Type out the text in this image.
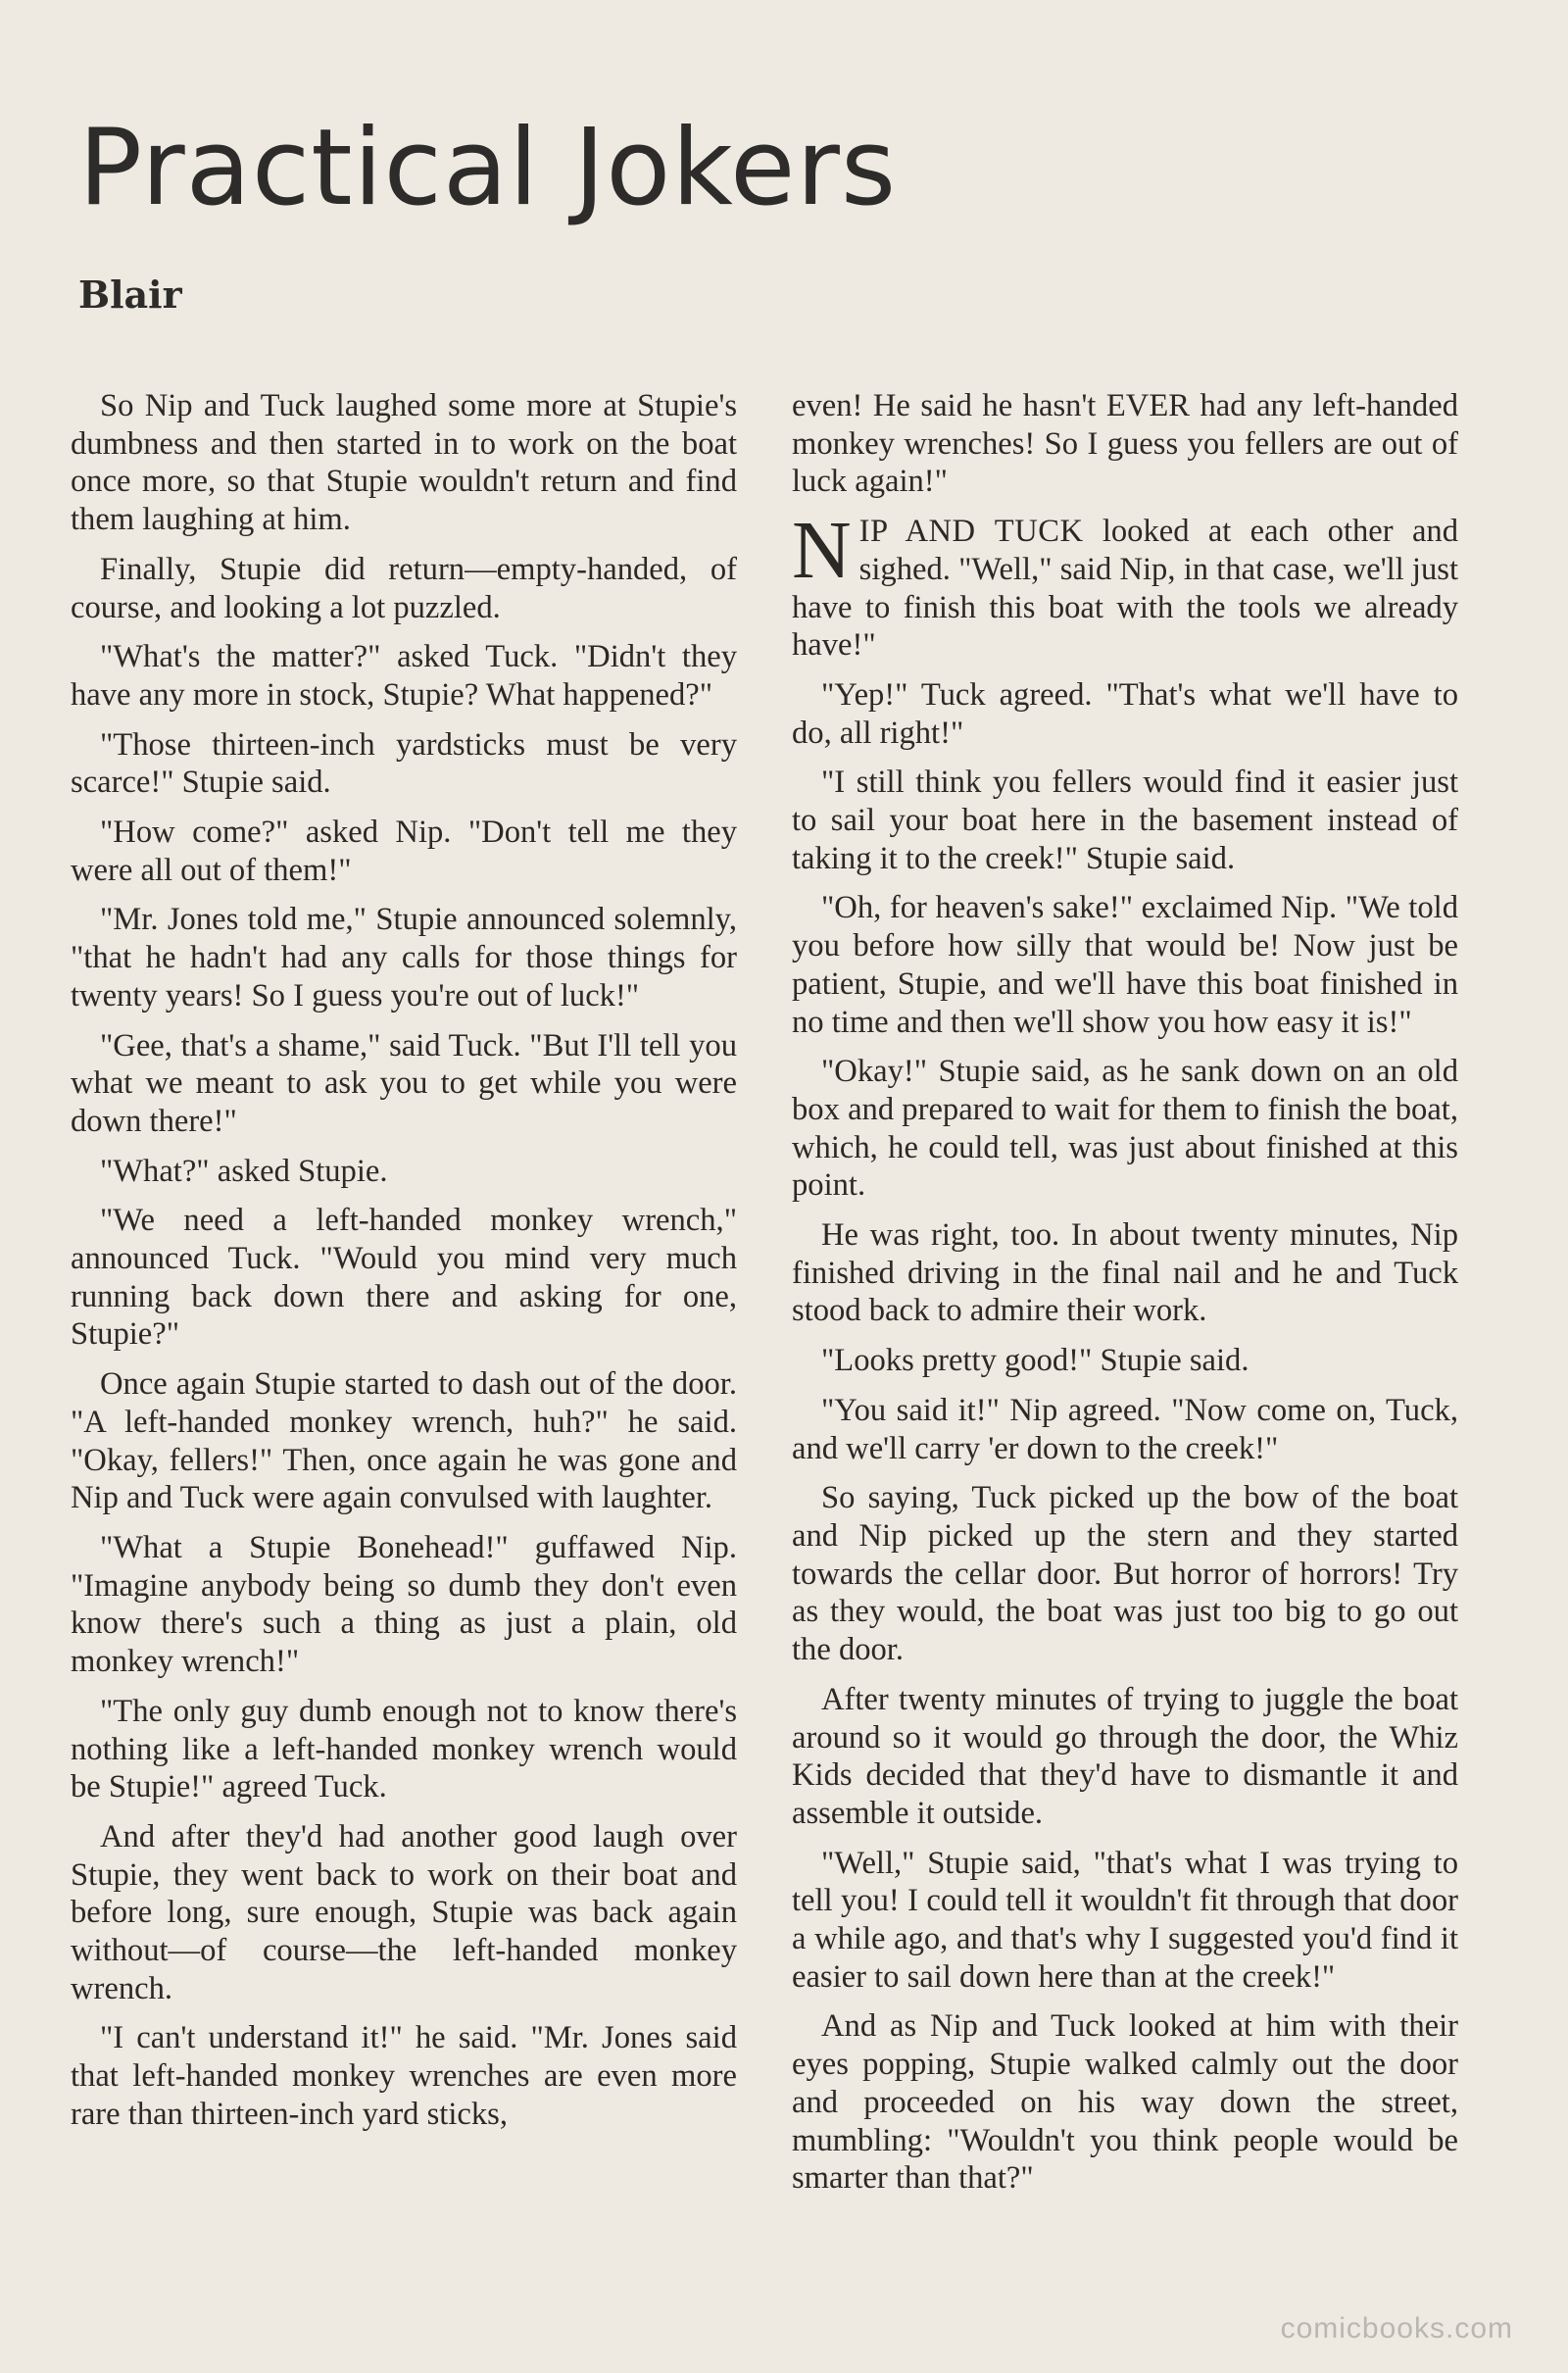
Practical Jokers
Blair

So Nip and Tuck laughed some more at Stupie's dumbness and then started in to work on the boat once more, so that Stupie wouldn't return and find them laughing at him.

Finally, Stupie did return—empty-handed, of course, and looking a lot puzzled.

"What's the matter?" asked Tuck. "Didn't they have any more in stock, Stupie? What happened?"

"Those thirteen-inch yardsticks must be very scarce!" Stupie said.

"How come?" asked Nip. "Don't tell me they were all out of them!"

"Mr. Jones told me," Stupie announced solemnly, "that he hadn't had any calls for those things for twenty years! So I guess you're out of luck!"

"Gee, that's a shame," said Tuck. "But I'll tell you what we meant to ask you to get while you were down there!"

"What?" asked Stupie.

"We need a left-handed monkey wrench," announced Tuck. "Would you mind very much running back down there and asking for one, Stupie?"

Once again Stupie started to dash out of the door. "A left-handed monkey wrench, huh?" he said. "Okay, fellers!" Then, once again he was gone and Nip and Tuck were again convulsed with laughter.

"What a Stupie Bonehead!" guffawed Nip. "Imagine anybody being so dumb they don't even know there's such a thing as just a plain, old monkey wrench!"

"The only guy dumb enough not to know there's nothing like a left-handed monkey wrench would be Stupie!" agreed Tuck.

And after they'd had another good laugh over Stupie, they went back to work on their boat and before long, sure enough, Stupie was back again without—of course—the left-handed monkey wrench.

"I can't understand it!" he said. "Mr. Jones said that left-handed monkey wrenches are even more rare than thirteen-inch yard sticks,

even! He said he hasn't EVER had any left-handed monkey wrenches! So I guess you fellers are out of luck again!"

NIP AND TUCK looked at each other and sighed. "Well," said Nip, in that case, we'll just have to finish this boat with the tools we already have!"

"Yep!" Tuck agreed. "That's what we'll have to do, all right!"

"I still think you fellers would find it easier just to sail your boat here in the basement instead of taking it to the creek!" Stupie said.

"Oh, for heaven's sake!" exclaimed Nip. "We told you before how silly that would be! Now just be patient, Stupie, and we'll have this boat finished in no time and then we'll show you how easy it is!"

"Okay!" Stupie said, as he sank down on an old box and prepared to wait for them to finish the boat, which, he could tell, was just about finished at this point.

He was right, too. In about twenty minutes, Nip finished driving in the final nail and he and Tuck stood back to admire their work.

"Looks pretty good!" Stupie said.

"You said it!" Nip agreed. "Now come on, Tuck, and we'll carry 'er down to the creek!"

So saying, Tuck picked up the bow of the boat and Nip picked up the stern and they started towards the cellar door. But horror of horrors! Try as they would, the boat was just too big to go out the door.

After twenty minutes of trying to juggle the boat around so it would go through the door, the Whiz Kids decided that they'd have to dismantle it and assemble it outside.

"Well," Stupie said, "that's what I was trying to tell you! I could tell it wouldn't fit through that door a while ago, and that's why I suggested you'd find it easier to sail down here than at the creek!"

And as Nip and Tuck looked at him with their eyes popping, Stupie walked calmly out the door and proceeded on his way down the street, mumbling: "Wouldn't you think people would be smarter than that?"

comicbooks.com
